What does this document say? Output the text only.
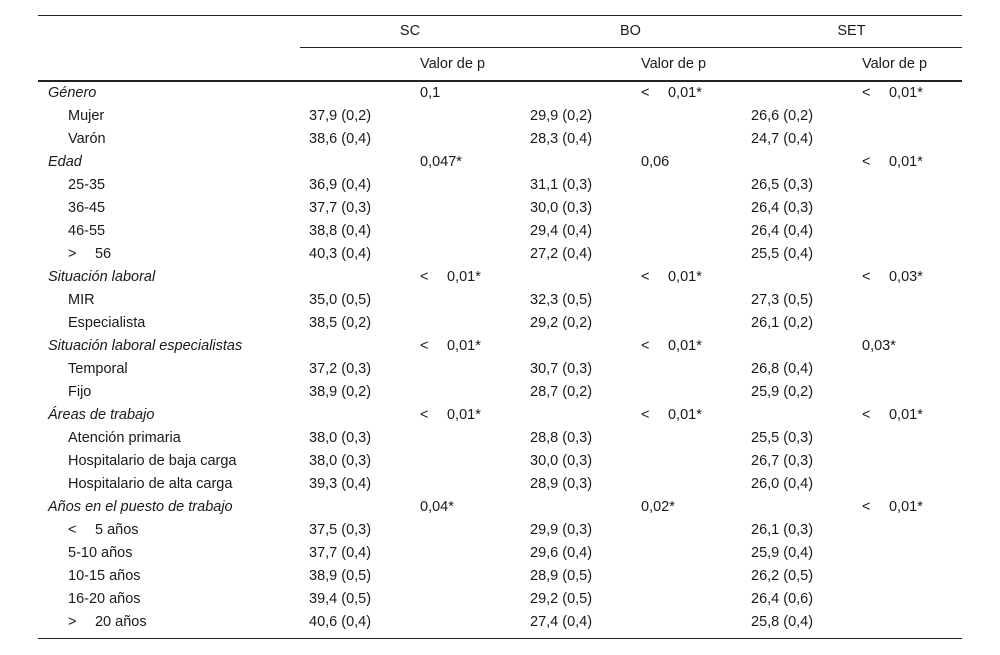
SC	BO	SET
Valor de p	Valor de p	Valor de p
Género	0,1	<  0,01*	<  0,01*
Mujer	37,9 (0,2)	29,9 (0,2)	26,6 (0,2)
Varón	38,6 (0,4)	28,3 (0,4)	24,7 (0,4)
Edad	0,047*	0,06	<  0,01*
25-35	36,9 (0,4)	31,1 (0,3)	26,5 (0,3)
36-45	37,7 (0,3)	30,0 (0,3)	26,4 (0,3)
46-55	38,8 (0,4)	29,4 (0,4)	26,4 (0,4)
>  56	40,3 (0,4)	27,2 (0,4)	25,5 (0,4)
Situación laboral	<  0,01*	<  0,01*	<  0,03*
MIR	35,0 (0,5)	32,3 (0,5)	27,3 (0,5)
Especialista	38,5 (0,2)	29,2 (0,2)	26,1 (0,2)
Situación laboral especialistas	<  0,01*	<  0,01*	0,03*
Temporal	37,2 (0,3)	30,7 (0,3)	26,8 (0,4)
Fijo	38,9 (0,2)	28,7 (0,2)	25,9 (0,2)
Áreas de trabajo	<  0,01*	<  0,01*	<  0,01*
Atención primaria	38,0 (0,3)	28,8 (0,3)	25,5 (0,3)
Hospitalario de baja carga	38,0 (0,3)	30,0 (0,3)	26,7 (0,3)
Hospitalario de alta carga	39,3 (0,4)	28,9 (0,3)	26,0 (0,4)
Años en el puesto de trabajo	0,04*	0,02*	<  0,01*
<  5 años	37,5 (0,3)	29,9 (0,3)	26,1 (0,3)
5-10 años	37,7 (0,4)	29,6 (0,4)	25,9 (0,4)
10-15 años	38,9 (0,5)	28,9 (0,5)	26,2 (0,5)
16-20 años	39,4 (0,5)	29,2 (0,5)	26,4 (0,6)
>  20 años	40,6 (0,4)	27,4 (0,4)	25,8 (0,4)
